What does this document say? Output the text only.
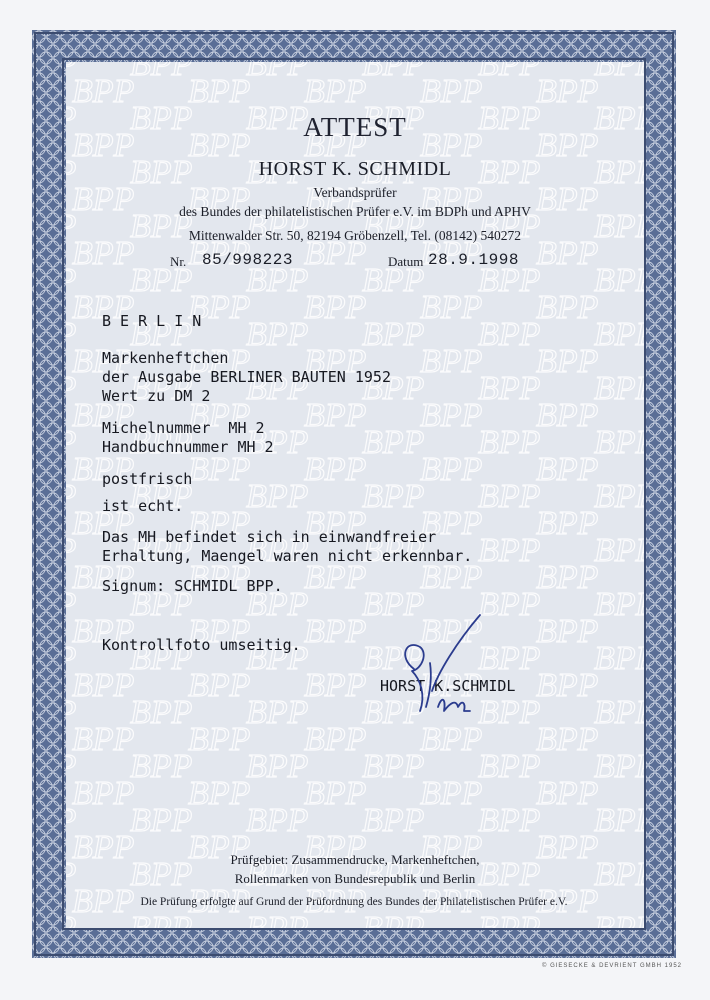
ATTEST
HORST K. SCHMIDL
Verbandsprüfer
des Bundes der philatelistischen Prüfer e.V. im BDPh und APHV
Mittenwalder Str. 50, 82194 Gröbenzell, Tel. (08142) 540272
Nr. 85/998223	Datum 28.9.1998
B E R L I N
Markenheftchen
der Ausgabe BERLINER BAUTEN 1952
Wert zu DM 2
Michelnummer  MH 2
Handbuchnummer MH 2
postfrisch
ist echt.
Das MH befindet sich in einwandfreier
Erhaltung, Maengel waren nicht erkennbar.
Signum: SCHMIDL BPP.
Kontrollfoto umseitig.
HORST K.SCHMIDL
Prüfgebiet: Zusammendrucke, Markenheftchen,
Rollenmarken von Bundesrepublik und Berlin
Die Prüfung erfolgte auf Grund der Prüfordnung des Bundes der Philatelistischen Prüfer e.V.
© GIESECKE & DEVRIENT GMBH 1952
